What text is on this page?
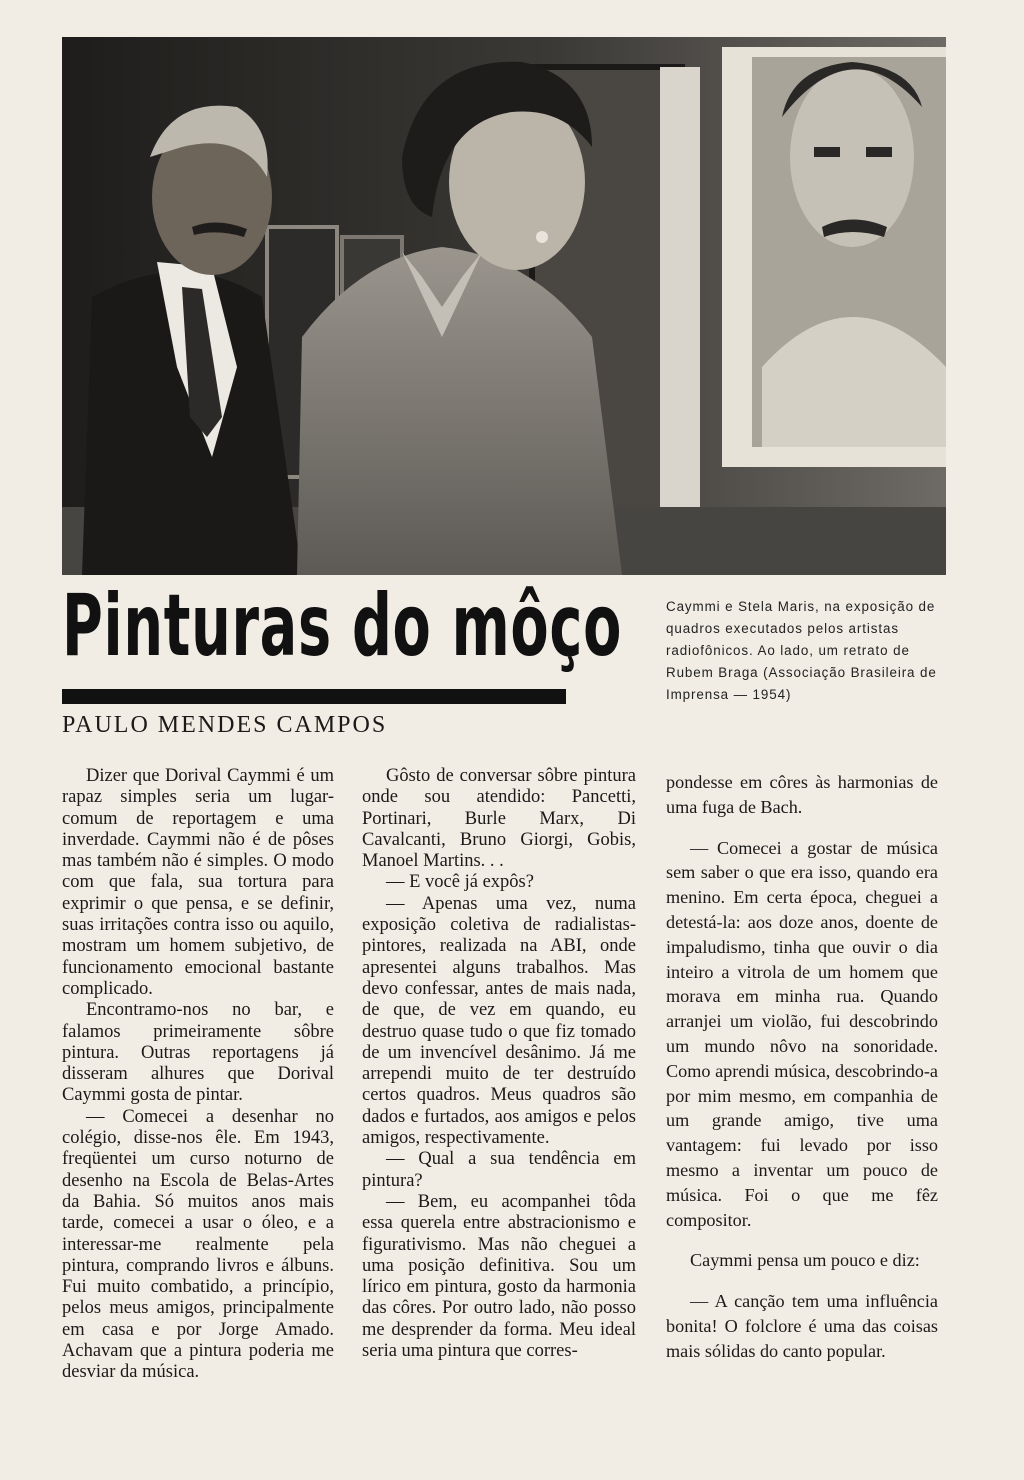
Pinturas do môço
PAULO MENDES CAMPOS
Caymmi e Stela Maris, na exposição de quadros executados pelos artistas radiofônicos. Ao lado, um retrato de Rubem Braga (Associação Brasileira de Imprensa — 1954)

Dizer que Dorival Caymmi é um rapaz simples seria um lugar-comum de reportagem e uma inverdade. Caymmi não é de pôses mas também não é simples. O modo com que fala, sua tortura para exprimir o que pensa, e se definir, suas irritações contra isso ou aquilo, mostram um homem subjetivo, de funcionamento emocional bastante complicado.

Encontramo-nos no bar, e falamos primeiramente sôbre pintura. Outras reportagens já disseram alhures que Dorival Caymmi gosta de pintar.

— Comecei a desenhar no colégio, disse-nos êle. Em 1943, freqüentei um curso noturno de desenho na Escola de Belas-Artes da Bahia. Só muitos anos mais tarde, comecei a usar o óleo, e a interessar-me realmente pela pintura, comprando livros e álbuns. Fui muito combatido, a princípio, pelos meus amigos, principalmente em casa e por Jorge Amado. Achavam que a pintura poderia me desviar da música.

Gôsto de conversar sôbre pintura onde sou atendido: Pancetti, Portinari, Burle Marx, Di Cavalcanti, Bruno Giorgi, Gobis, Manoel Martins. . .

— E você já expôs?

— Apenas uma vez, numa exposição coletiva de radialistas-pintores, realizada na ABI, onde apresentei alguns trabalhos. Mas devo confessar, antes de mais nada, de que, de vez em quando, eu destruo quase tudo o que fiz tomado de um invencível desânimo. Já me arrependi muito de ter destruído certos quadros. Meus quadros são dados e furtados, aos amigos e pelos amigos, respectivamente.

— Qual a sua tendência em pintura?

— Bem, eu acompanhei tôda essa querela entre abstracionismo e figurativismo. Mas não cheguei a uma posição definitiva. Sou um lírico em pintura, gosto da harmonia das côres. Por outro lado, não posso me desprender da forma. Meu ideal seria uma pintura que corres-

pondesse em côres às harmonias de uma fuga de Bach.

— Comecei a gostar de música sem saber o que era isso, quando era menino. Em certa época, cheguei a detestá-la: aos doze anos, doente de impaludismo, tinha que ouvir o dia inteiro a vitrola de um homem que morava em minha rua. Quando arranjei um violão, fui descobrindo um mundo nôvo na sonoridade. Como aprendi música, descobrindo-a por mim mesmo, em companhia de um grande amigo, tive uma vantagem: fui levado por isso mesmo a inventar um pouco de música. Foi o que me fêz compositor.

Caymmi pensa um pouco e diz:

— A canção tem uma influência bonita! O folclore é uma das coisas mais sólidas do canto popular.
